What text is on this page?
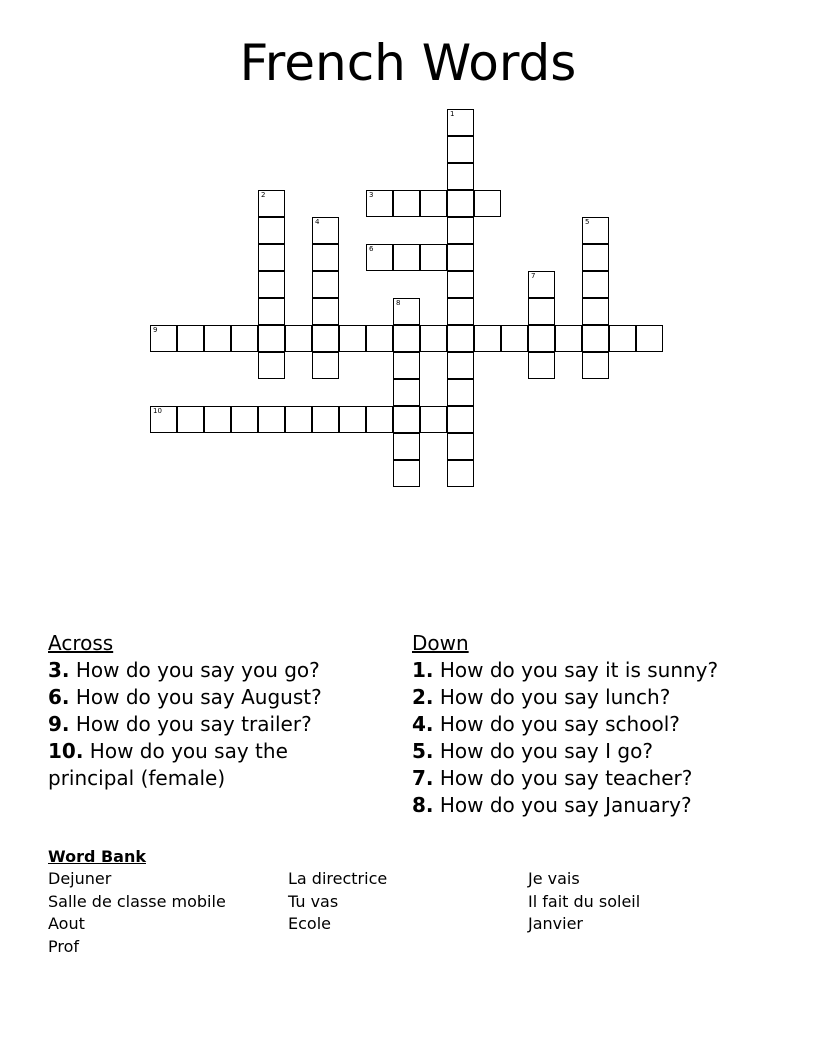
French Words
3
6
9
10
1
2
4	5
7
8
Across
3. How do you say you go?
6. How do you say August?
9. How do you say trailer?
10. How do you say the principal (female)
Down
1. How do you say it is sunny?
2. How do you say lunch?
4. How do you say school?
5. How do you say I go?
7. How do you say teacher?
8. How do you say January?
Word Bank
Dejuner
Salle de classe mobile
Aout
Prof
La directrice
Tu vas
Ecole
Je vais
Il fait du soleil
Janvier
